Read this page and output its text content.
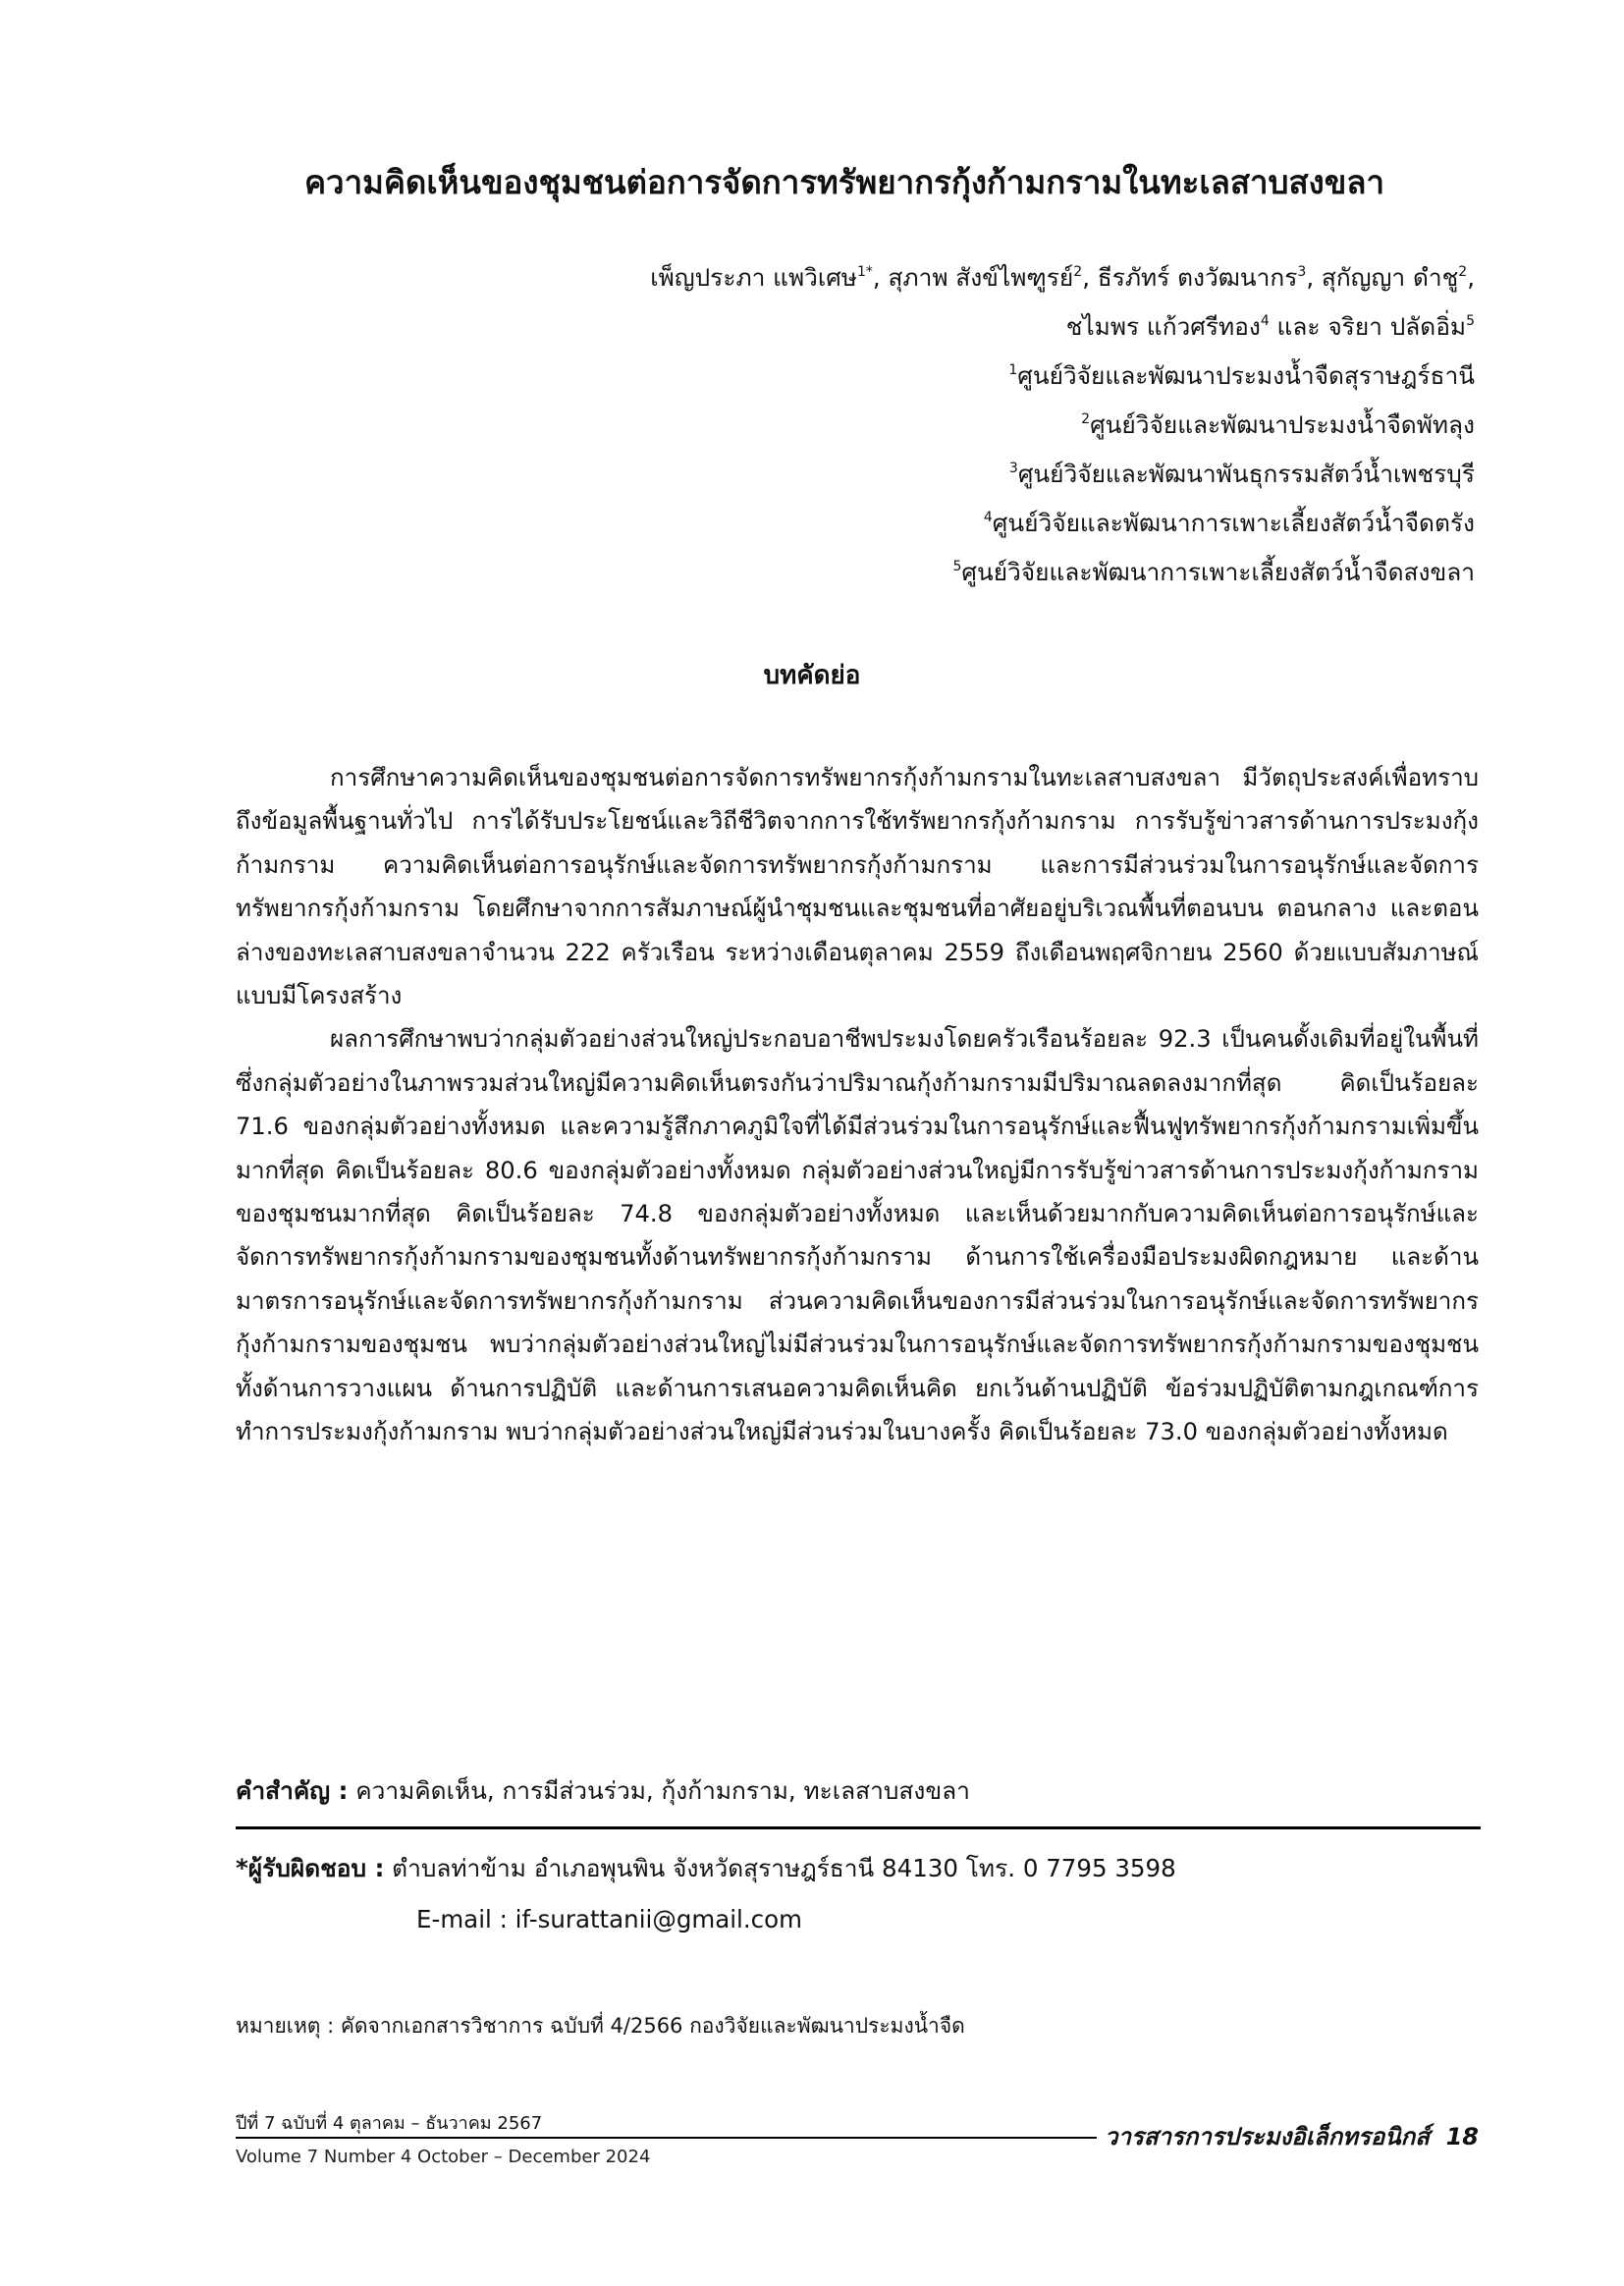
ความคิดเห็นของชุมชนต่อการจัดการทรัพยากรกุ้งก้ามกรามในทะเลสาบสงขลา
เพ็ญประภา แพวิเศษ$^{1*}$, สุภาพ สังข์ไพฑูรย์$^2$, ธีรภัทร์ ตงวัฒนากร$^3$, สุกัญญา ดำชู$^2$,
ชไมพร แก้วศรีทอง$^4$ และ จริยา ปลัดอิ่ม$^5$
$^1$ศูนย์วิจัยและพัฒนาประมงน้ำจืดสุราษฎร์ธานี
$^2$ศูนย์วิจัยและพัฒนาประมงน้ำจืดพัทลุง
$^3$ศูนย์วิจัยและพัฒนาพันธุกรรมสัตว์น้ำเพชรบุรี
$^4$ศูนย์วิจัยและพัฒนาการเพาะเลี้ยงสัตว์น้ำจืดตรัง
$^5$ศูนย์วิจัยและพัฒนาการเพาะเลี้ยงสัตว์น้ำจืดสงขลา
บทคัดย่อ

การศึกษาความคิดเห็นของชุมชนต่อการจัดการทรัพยากรกุ้งก้ามกรามในทะเลสาบสงขลา มีวัตถุประสงค์เพื่อทราบถึงข้อมูลพื้นฐานทั่วไป การได้รับประโยชน์และวิถีชีวิตจากการใช้ทรัพยากรกุ้งก้ามกราม การรับรู้ข่าวสารด้านการประมงกุ้งก้ามกราม ความคิดเห็นต่อการอนุรักษ์และจัดการทรัพยากรกุ้งก้ามกราม และการมีส่วนร่วมในการอนุรักษ์และจัดการทรัพยากรกุ้งก้ามกราม โดยศึกษาจากการสัมภาษณ์ผู้นำชุมชนและชุมชนที่อาศัยอยู่บริเวณพื้นที่ตอนบน ตอนกลาง และตอนล่างของทะเลสาบสงขลาจำนวน 222 ครัวเรือน ระหว่างเดือนตุลาคม 2559 ถึงเดือนพฤศจิกายน 2560 ด้วยแบบสัมภาษณ์แบบมีโครงสร้าง

ผลการศึกษาพบว่ากลุ่มตัวอย่างส่วนใหญ่ประกอบอาชีพประมงโดยครัวเรือนร้อยละ 92.3 เป็นคนดั้งเดิมที่อยู่ในพื้นที่ ซึ่งกลุ่มตัวอย่างในภาพรวมส่วนใหญ่มีความคิดเห็นตรงกันว่าปริมาณกุ้งก้ามกรามมีปริมาณลดลงมากที่สุด คิดเป็นร้อยละ 71.6 ของกลุ่มตัวอย่างทั้งหมด และความรู้สึกภาคภูมิใจที่ได้มีส่วนร่วมในการอนุรักษ์และฟื้นฟูทรัพยากรกุ้งก้ามกรามเพิ่มขึ้นมากที่สุด คิดเป็นร้อยละ 80.6 ของกลุ่มตัวอย่างทั้งหมด กลุ่มตัวอย่างส่วนใหญ่มีการรับรู้ข่าวสารด้านการประมงกุ้งก้ามกรามของชุมชนมากที่สุด คิดเป็นร้อยละ 74.8 ของกลุ่มตัวอย่างทั้งหมด และเห็นด้วยมากกับความคิดเห็นต่อการอนุรักษ์และจัดการทรัพยากรกุ้งก้ามกรามของชุมชนทั้งด้านทรัพยากรกุ้งก้ามกราม ด้านการใช้เครื่องมือประมงผิดกฎหมาย และด้านมาตรการอนุรักษ์และจัดการทรัพยากรกุ้งก้ามกราม ส่วนความคิดเห็นของการมีส่วนร่วมในการอนุรักษ์และจัดการทรัพยากรกุ้งก้ามกรามของชุมชน พบว่ากลุ่มตัวอย่างส่วนใหญ่ไม่มีส่วนร่วมในการอนุรักษ์และจัดการทรัพยากรกุ้งก้ามกรามของชุมชน ทั้งด้านการวางแผน ด้านการปฏิบัติ และด้านการเสนอความคิดเห็นคิด ยกเว้นด้านปฏิบัติ ข้อร่วมปฏิบัติตามกฎเกณฑ์การทำการประมงกุ้งก้ามกราม พบว่ากลุ่มตัวอย่างส่วนใหญ่มีส่วนร่วมในบางครั้ง คิดเป็นร้อยละ 73.0 ของกลุ่มตัวอย่างทั้งหมด

คำสำคัญ : ความคิดเห็น, การมีส่วนร่วม, กุ้งก้ามกราม, ทะเลสาบสงขลา
*ผู้รับผิดชอบ : ตำบลท่าข้าม อำเภอพุนพิน จังหวัดสุราษฎร์ธานี 84130 โทร. 0 7795 3598
E-mail : if-surattanii@gmail.com
หมายเหตุ : คัดจากเอกสารวิชาการ ฉบับที่ 4/2566 กองวิจัยและพัฒนาประมงน้ำจืด
ปีที่ 7 ฉบับที่ 4 ตุลาคม – ธันวาคม 2567	วารสารการประมงอิเล็กทรอนิกส์ 18
Volume 7 Number 4 October – December 2024
